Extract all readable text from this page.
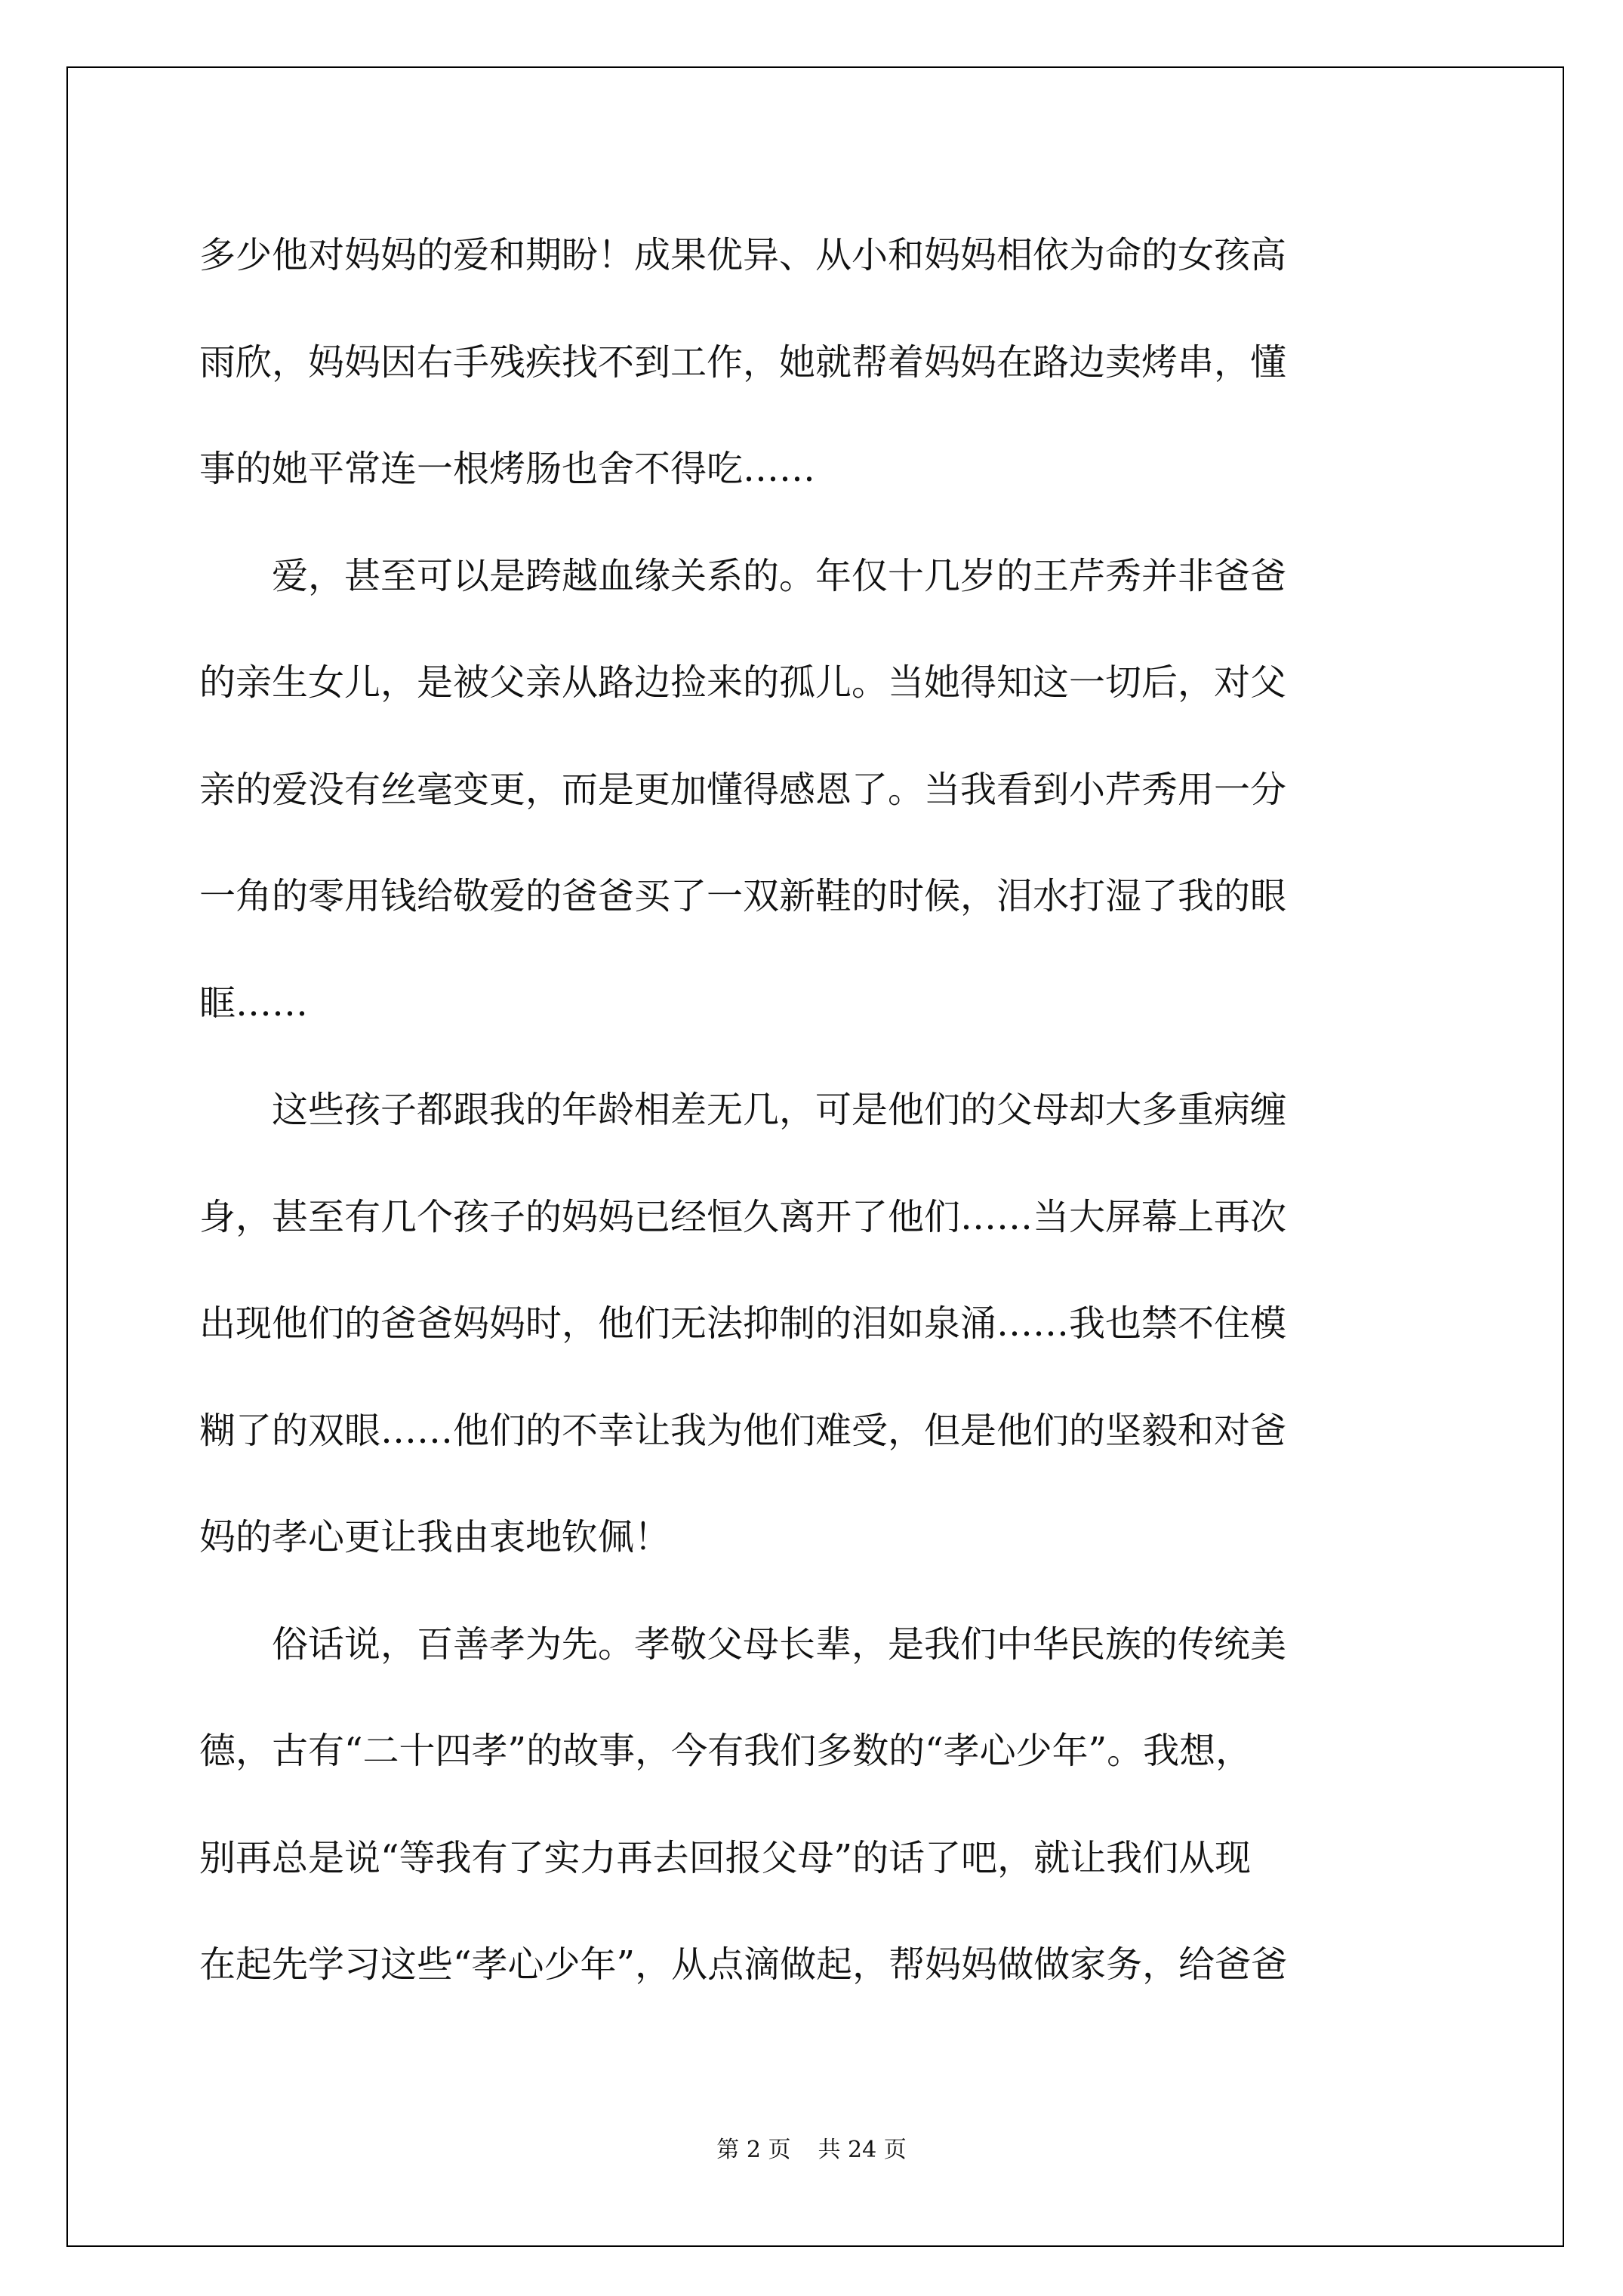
多少他对妈妈的爱和期盼！成果优异、从小和妈妈相依为命的女孩高
雨欣，妈妈因右手残疾找不到工作，她就帮着妈妈在路边卖烤串，懂
事的她平常连一根烤肠也舍不得吃……

爱，甚至可以是跨越血缘关系的。年仅十几岁的王芹秀并非爸爸
的亲生女儿，是被父亲从路边捡来的孤儿。当她得知这一切后，对父
亲的爱没有丝毫变更，而是更加懂得感恩了。当我看到小芹秀用一分
一角的零用钱给敬爱的爸爸买了一双新鞋的时候，泪水打湿了我的眼
眶……

这些孩子都跟我的年龄相差无几，可是他们的父母却大多重病缠
身，甚至有几个孩子的妈妈已经恒久离开了他们……当大屏幕上再次
出现他们的爸爸妈妈时，他们无法抑制的泪如泉涌……我也禁不住模
糊了的双眼……他们的不幸让我为他们难受，但是他们的坚毅和对爸
妈的孝心更让我由衷地钦佩！

俗话说，百善孝为先。孝敬父母长辈，是我们中华民族的传统美
德，古有“二十四孝”的故事，今有我们多数的“孝心少年”。我想，
别再总是说“等我有了实力再去回报父母”的话了吧，就让我们从现
在起先学习这些“孝心少年”，从点滴做起，帮妈妈做做家务，给爸爸

第 2 页 共 24 页
